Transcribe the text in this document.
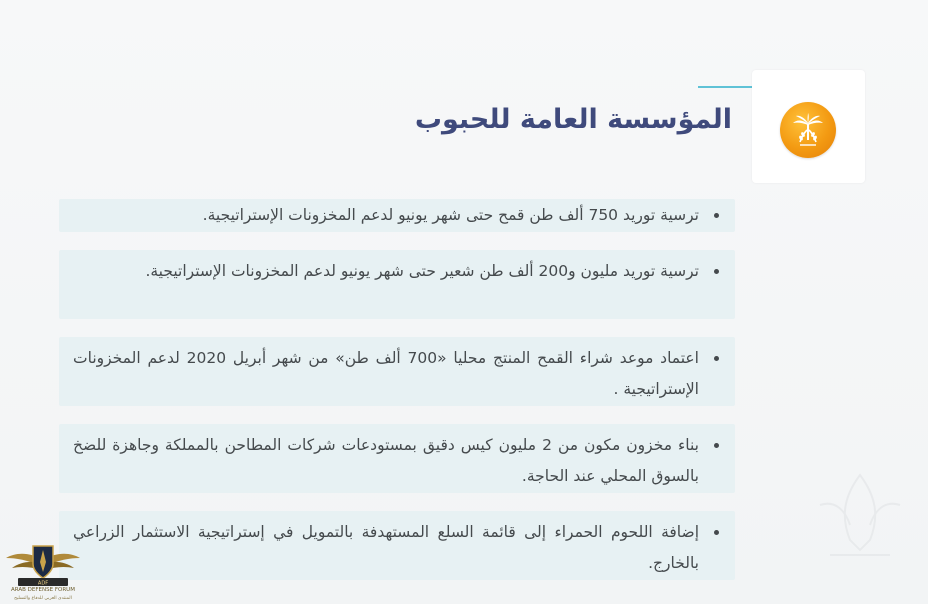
المؤسسة العامة للحبوب
ترسية توريد 750 ألف طن قمح حتى شهر يونيو لدعم المخزونات الإستراتيجية.
ترسية توريد مليون و200 ألف طن شعير حتى شهر يونيو لدعم المخزونات الإستراتيجية.
اعتماد موعد شراء القمح المنتج محليا «700 ألف طن» من شهر أبريل 2020 لدعم المخزونات الإستراتيجية .
بناء مخزون مكون من 2 مليون كيس دقيق بمستودعات شركات المطاحن بالمملكة وجاهزة للضخ بالسوق المحلي عند الحاجة.
إضافة اللحوم الحمراء إلى قائمة السلع المستهدفة بالتمويل في إستراتيجية الاستثمار الزراعي بالخارج.
ADF
ARAB DEFENSE FORUM
المنتدى العربي للدفاع والتسليح
